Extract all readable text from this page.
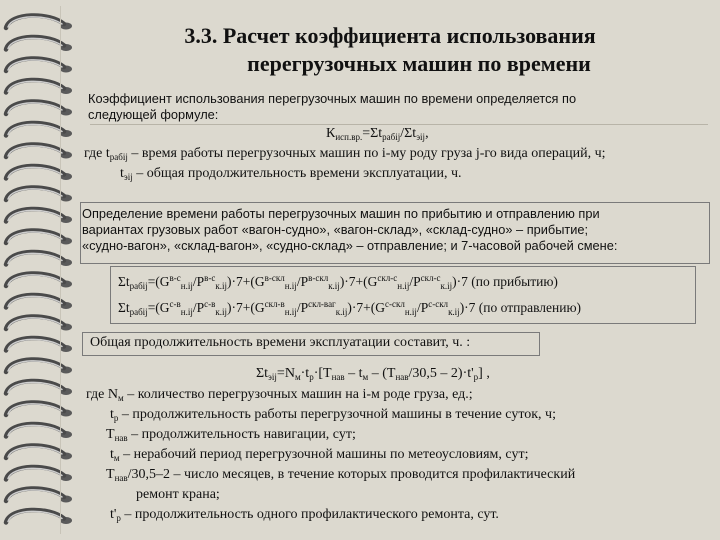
3.3. Расчет коэффициента использования
перегрузочных машин по времени
Коэффициент использования перегрузочных машин по времени определяется по
следующей формуле:
$К_{исп.вр.}=\Sigma t_{рабij}/\Sigma t_{эij}$,
где $t_{рабij}$ – время работы перегрузочных машин по i-му роду груза j-го вида операций, ч;
$t_{эij}$ – общая продолжительность времени эксплуатации, ч.
Определение времени работы перегрузочных машин по прибытию и отправлению при
вариантах грузовых работ «вагон-судно», «вагон-склад», «склад-судно» – прибытие;
«судно-вагон», «склад-вагон», «судно-склад» – отправление; и 7-часовой рабочей смене:
$\Sigma t_{рабij}=(G^{в-с}_{н.ij}/P^{в-с}_{к.ij})\cdot 7+(G^{в-скл}_{н.ij}/P^{в-скл}_{к.ij})\cdot 7+(G^{скл-с}_{н.ij}/P^{скл-с}_{к.ij})\cdot 7$ (по прибытию)
$\Sigma t_{рабij}=(G^{с-в}_{н.ij}/P^{с-в}_{к.ij})\cdot 7+(G^{скл-в}_{н.ij}/P^{скл-ваг}_{к.ij})\cdot 7+(G^{с-скл}_{н.ij}/P^{с-скл}_{к.ij})\cdot 7$ (по отправлению)
Общая продолжительность времени эксплуатации составит, ч. :
$\Sigma t_{эij}=N_м\cdot t_р\cdot[T_{нав} - t_м - (T_{нав}/30,5 - 2)\cdot t'_р]$ ,
где $N_м$ – количество перегрузочных машин на i-м роде груза, ед.;
$t_р$ – продолжительность работы перегрузочной машины в течение суток, ч;
$T_{нав}$ – продолжительность навигации, сут;
$t_м$ – нерабочий период перегрузочной машины по метеоусловиям, сут;
$T_{нав}/30,5-2$ – число месяцев, в течение которых проводится профилактический
ремонт крана;
$t'_р$ – продолжительность одного профилактического ремонта, сут.
